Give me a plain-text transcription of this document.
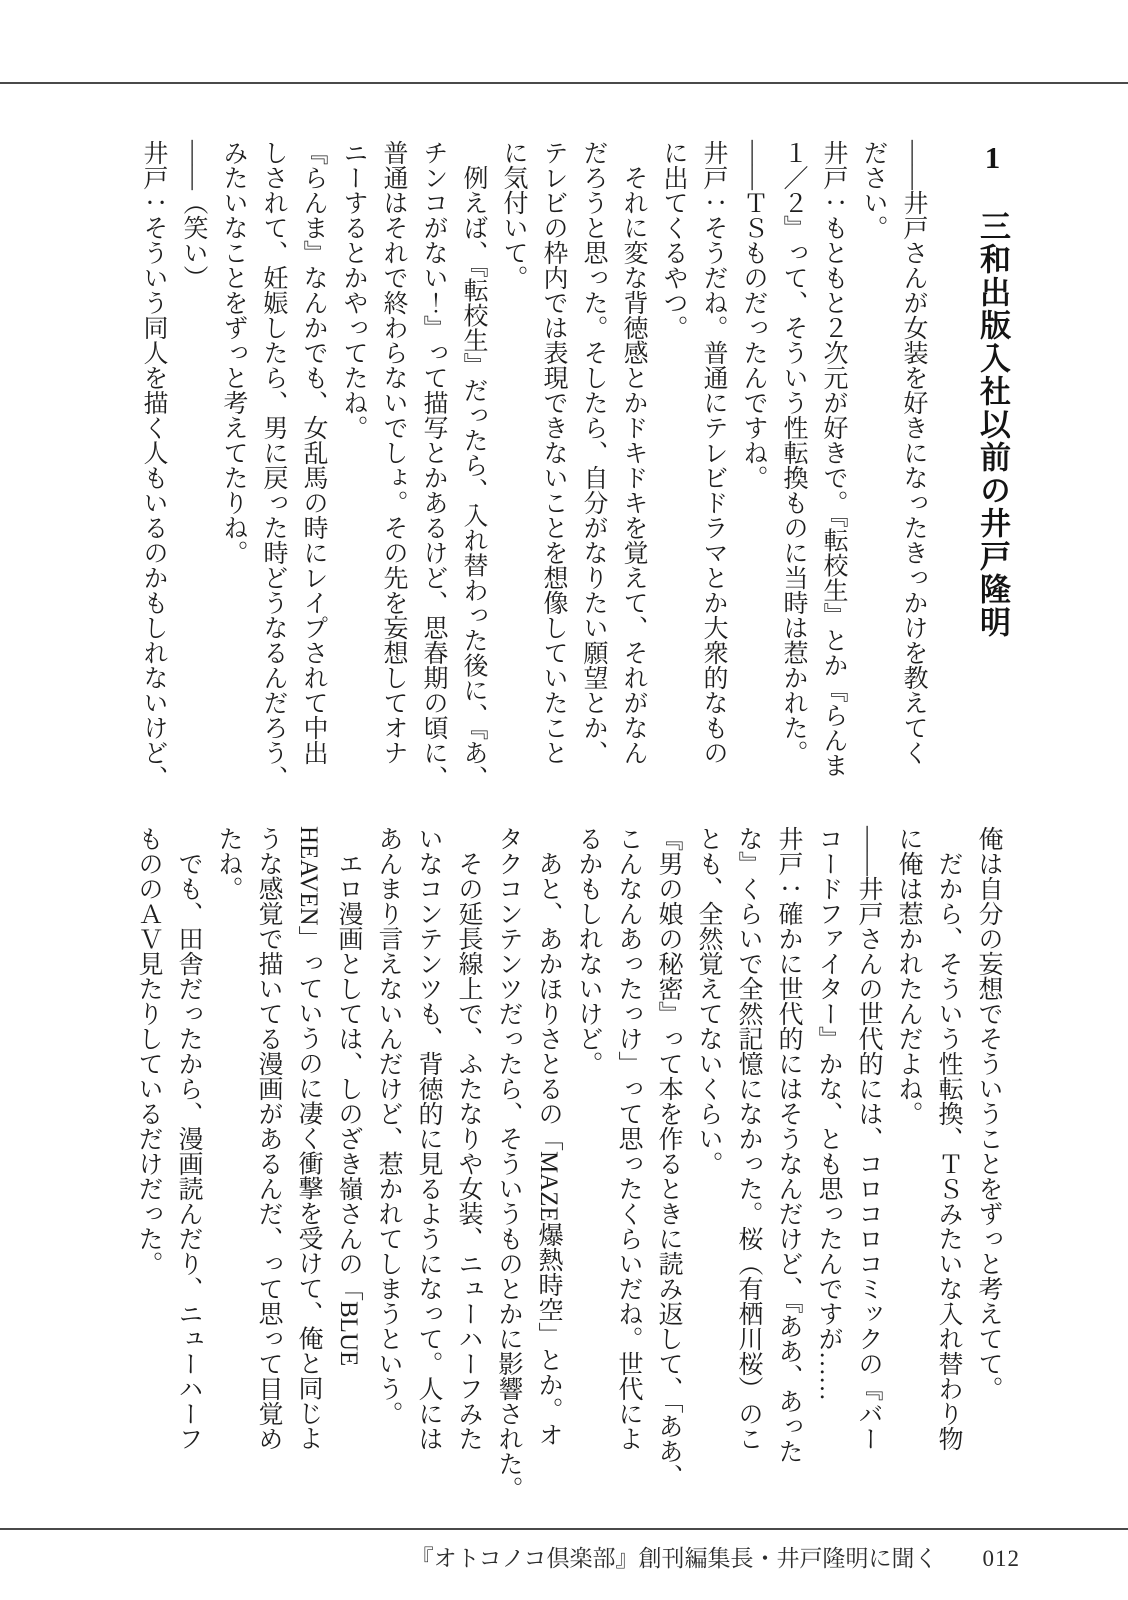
1　三和出版入社以前の井戸隆明

——井戸さんが女装を好きになったきっかけを教えてく

ださい。

井戸：もともと２次元が好きで。『転校生』とか『らんま

１／２』って、そういう性転換ものに当時は惹かれた。

——ＴＳものだったんですね。

井戸：そうだね。普通にテレビドラマとか大衆的なもの

に出てくるやつ。

　それに変な背徳感とかドキドキを覚えて、それがなん

だろうと思った。そしたら、自分がなりたい願望とか、

テレビの枠内では表現できないことを想像していたこと

に気付いて。

　例えば、『転校生』だったら、入れ替わった後に、『あ、

チンコがない！』って描写とかあるけど、思春期の頃に、

普通はそれで終わらないでしょ。その先を妄想してオナ

ニーするとかやってたね。

『らんま』なんかでも、女乱馬の時にレイプされて中出

しされて、妊娠したら、男に戻った時どうなるんだろう、

みたいなことをずっと考えてたりね。

——（笑い）

井戸：そういう同人を描く人もいるのかもしれないけど、

俺は自分の妄想でそういうことをずっと考えてて。

　だから、そういう性転換、ＴＳみたいな入れ替わり物

に俺は惹かれたんだよね。

——井戸さんの世代的には、コロコロコミックの『バー

コードファイター』かな、とも思ったんですが……

井戸：確かに世代的にはそうなんだけど、『ああ、あった

な』くらいで全然記憶になかった。桜（有栖川桜）のこ

とも、全然覚えてないくらい。

『男の娘の秘密』って本を作るときに読み返して、「ああ、

こんなんあったっけ」って思ったくらいだね。世代によ

るかもしれないけど。

　あと、あかほりさとるの「MAZE爆熱時空」とか。オ

タクコンテンツだったら、そういうものとかに影響された。

　その延長線上で、ふたなりや女装、ニューハーフみた

いなコンテンツも、背徳的に見るようになって。人には

あんまり言えないんだけど、惹かれてしまうという。

　エロ漫画としては、しのざき嶺さんの「BLUE

HEAVEN」っていうのに凄く衝撃を受けて、俺と同じよ

うな感覚で描いてる漫画があるんだ、って思って目覚め

たね。

　でも、田舎だったから、漫画読んだり、ニューハーフ

もののＡＶ見たりしているだけだった。

『オトコノコ倶楽部』創刊編集長・井戸隆明に聞く 012
